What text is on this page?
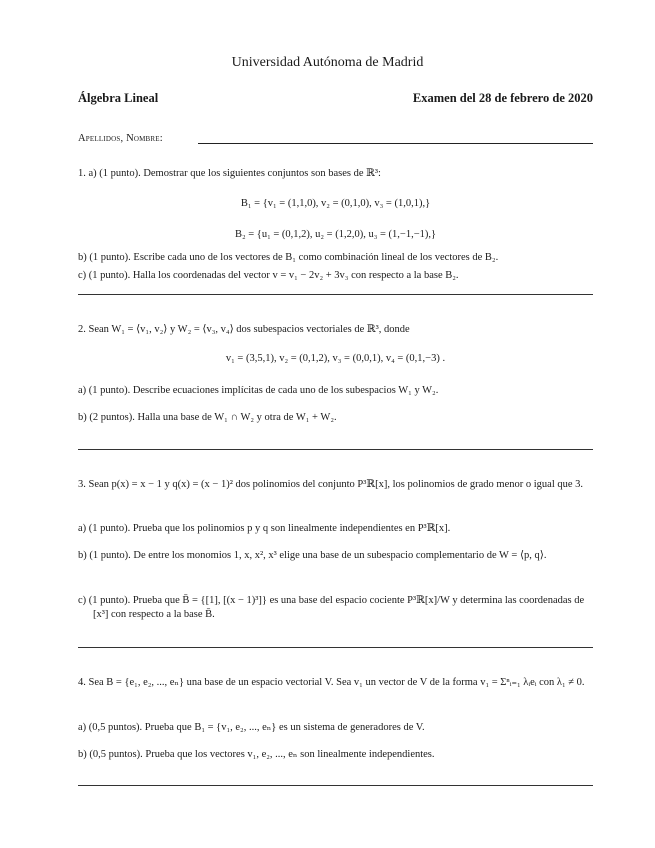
Universidad Autónoma de Madrid
Álgebra Lineal	Examen del 28 de febrero de 2020
Apellidos, Nombre:
1. a) (1 punto). Demostrar que los siguientes conjuntos son bases de ℝ³:
B₁ = {v₁ = (1,1,0), v₂ = (0,1,0), v₃ = (1,0,1),}
B₂ = {u₁ = (0,1,2), u₂ = (1,2,0), u₃ = (1,−1,−1),}
b) (1 punto). Escribe cada uno de los vectores de B₁ como combinación lineal de los vectores de B₂.
c) (1 punto). Halla los coordenadas del vector v = v₁ − 2v₂ + 3v₃ con respecto a la base B₂.
2. Sean W₁ = ⟨v₁, v₂⟩ y W₂ = ⟨v₃, v₄⟩ dos subespacios vectoriales de ℝ³, donde
v₁ = (3,5,1), v₂ = (0,1,2), v₃ = (0,0,1), v₄ = (0,1,−3) .
a) (1 punto). Describe ecuaciones implícitas de cada uno de los subespacios W₁ y W₂.
b) (2 puntos). Halla una base de W₁ ∩ W₂ y otra de W₁ + W₂.
3. Sean p(x) = x − 1 y q(x) = (x − 1)² dos polinomios del conjunto P³ℝ[x], los polinomios de grado menor o igual que 3.
a) (1 punto). Prueba que los polinomios p y q son linealmente independientes en P³ℝ[x].
b) (1 punto). De entre los monomios 1, x, x², x³ elige una base de un subespacio complementario de W = ⟨p, q⟩.
c) (1 punto). Prueba que B̄ = {[1], [(x − 1)³]} es una base del espacio cociente P³ℝ[x]/W y determina las coordenadas de [x³] con respecto a la base B̄.
4. Sea B = {e₁, e₂, ..., eₙ} una base de un espacio vectorial V. Sea v₁ un vector de V de la forma v₁ = Σⁿᵢ₌₁ λᵢeᵢ con λ₁ ≠ 0.
a) (0,5 puntos). Prueba que B₁ = {v₁, e₂, ..., eₙ} es un sistema de generadores de V.
b) (0,5 puntos). Prueba que los vectores v₁, e₂, ..., eₙ son linealmente independientes.
